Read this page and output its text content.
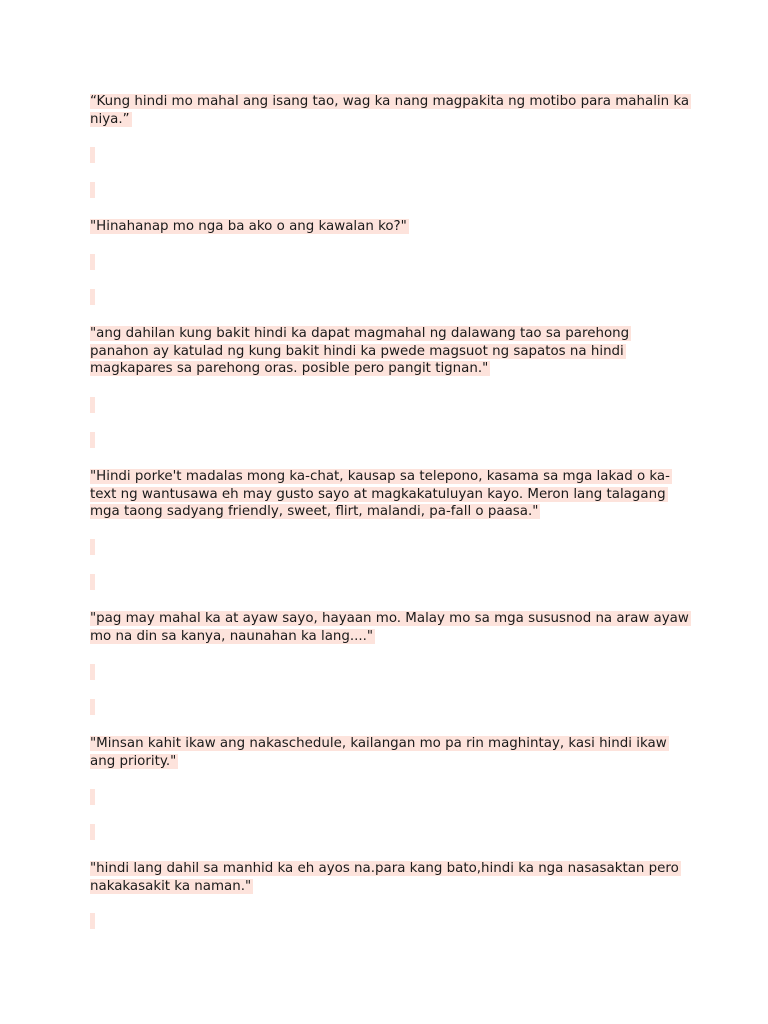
“Kung hindi mo mahal ang isang tao, wag ka nang magpakita ng motibo para mahalin ka niya.”

"Hinahanap mo nga ba ako o ang kawalan ko?"

"ang dahilan kung bakit hindi ka dapat magmahal ng dalawang tao sa parehong panahon ay katulad ng kung bakit hindi ka pwede magsuot ng sapatos na hindi magkapares sa parehong oras. posible pero pangit tignan."

"Hindi porke't madalas mong ka-chat, kausap sa telepono, kasama sa mga lakad o ka-text ng wantusawa eh may gusto sayo at magkakatuluyan kayo. Meron lang talagang mga taong sadyang friendly, sweet, flirt, malandi, pa-fall o paasa."

"pag may mahal ka at ayaw sayo, hayaan mo. Malay mo sa mga sususnod na araw ayaw mo na din sa kanya, naunahan ka lang...."

"Minsan kahit ikaw ang nakaschedule, kailangan mo pa rin maghintay, kasi hindi ikaw ang priority."

"hindi lang dahil sa manhid ka eh ayos na.para kang bato,hindi ka nga nasasaktan pero nakakasakit ka naman."
